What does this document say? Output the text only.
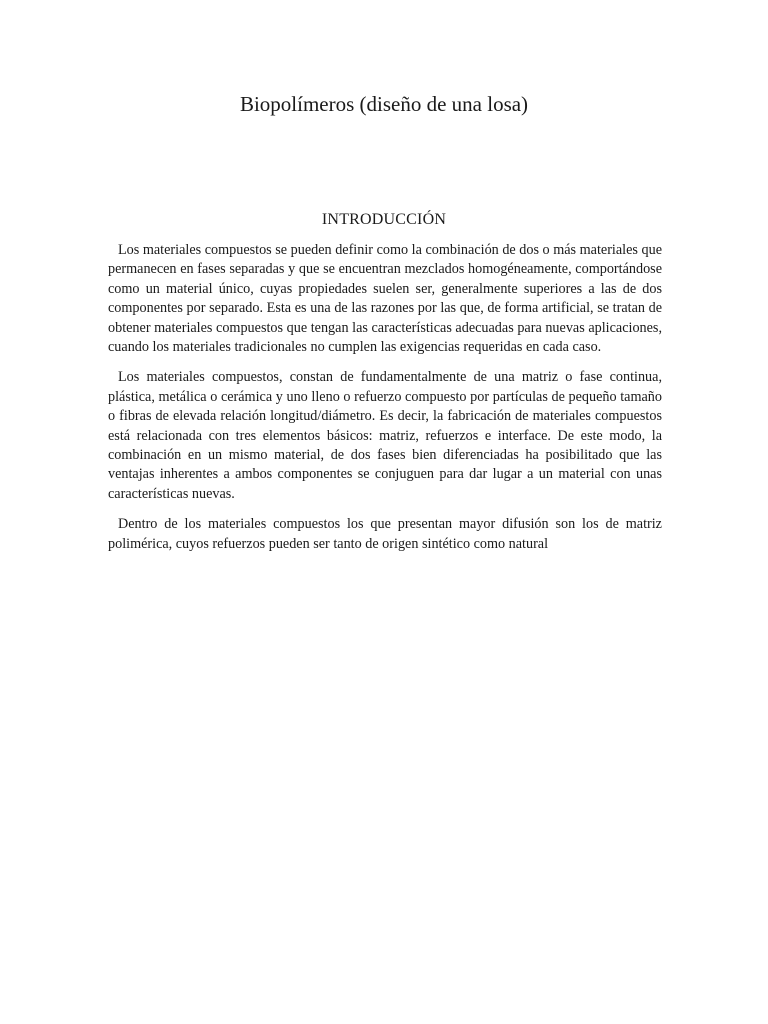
Biopolímeros (diseño de una losa)
INTRODUCCIÓN

Los materiales compuestos se pueden definir como la combinación de dos o más materiales que permanecen en fases separadas y que se encuentran mezclados homogéneamente, comportándose como un material único, cuyas propiedades suelen ser, generalmente superiores a las de dos componentes por separado. Esta es una de las razones por las que, de forma artificial, se tratan de obtener materiales compuestos que tengan las características adecuadas para nuevas aplicaciones, cuando los materiales tradicionales no cumplen las exigencias requeridas en cada caso.

Los materiales compuestos, constan de fundamentalmente de una matriz o fase continua, plástica, metálica o cerámica y uno lleno o refuerzo compuesto por partículas de pequeño tamaño o fibras de elevada relación longitud/diámetro. Es decir, la fabricación de materiales compuestos está relacionada con tres elementos básicos: matriz, refuerzos e interface. De este modo, la combinación en un mismo material, de dos fases bien diferenciadas ha posibilitado que las ventajas inherentes a ambos componentes se conjuguen para dar lugar a un material con unas características nuevas.

Dentro de los materiales compuestos los que presentan mayor difusión son los de matriz polimérica, cuyos refuerzos pueden ser tanto de origen sintético como natural
